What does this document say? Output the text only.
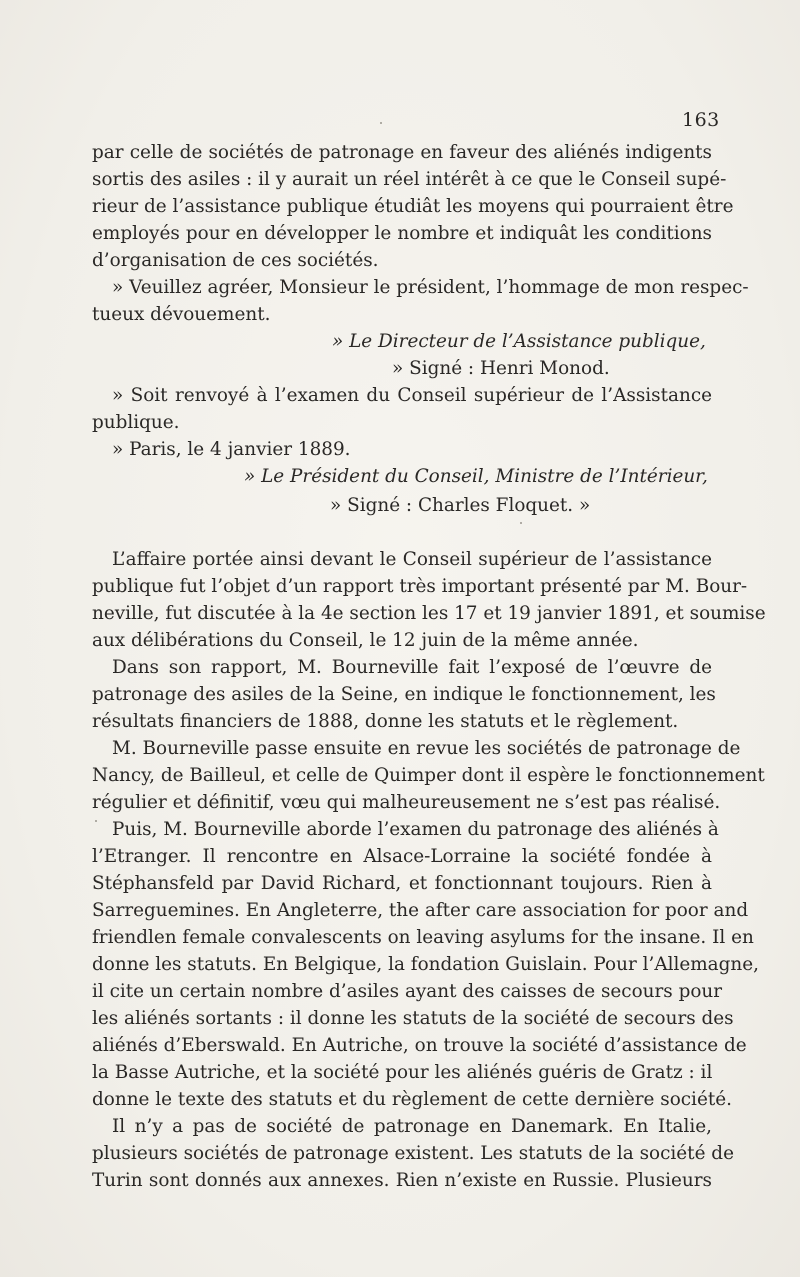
163
par celle de sociétés de patronage en faveur des aliénés indigents
sortis des asiles : il y aurait un réel intérêt à ce que le Conseil supé-
rieur de l’assistance publique étudiât les moyens qui pourraient être
employés pour en développer le nombre et indiquât les conditions
d’organisation de ces sociétés.
» Veuillez agréer, Monsieur le président, l’hommage de mon respec-
tueux dévouement.
» Le Directeur de l’Assistance publique,
» Signé : Henri Monod.
» Soit renvoyé à l’examen du Conseil supérieur de l’Assistance
publique.
» Paris, le 4 janvier 1889.
» Le Président du Conseil, Ministre de l’Intérieur,
» Signé : Charles Floquet. »
L’affaire portée ainsi devant le Conseil supérieur de l’assistance
publique fut l’objet d’un rapport très important présenté par M. Bour-
neville, fut discutée à la 4e section les 17 et 19 janvier 1891, et soumise
aux délibérations du Conseil, le 12 juin de la même année.
Dans son rapport, M. Bourneville fait l’exposé de l’œuvre de
patronage des asiles de la Seine, en indique le fonctionnement, les
résultats financiers de 1888, donne les statuts et le règlement.
M. Bourneville passe ensuite en revue les sociétés de patronage de
Nancy, de Bailleul, et celle de Quimper dont il espère le fonctionnement
régulier et définitif, vœu qui malheureusement ne s’est pas réalisé.
Puis, M. Bourneville aborde l’examen du patronage des aliénés à
l’Etranger. Il rencontre en Alsace-Lorraine la société fondée à
Stéphansfeld par David Richard, et fonctionnant toujours. Rien à
Sarreguemines. En Angleterre, the after care association for poor and
friendlen female convalescents on leaving asylums for the insane. Il en
donne les statuts. En Belgique, la fondation Guislain. Pour l’Allemagne,
il cite un certain nombre d’asiles ayant des caisses de secours pour
les aliénés sortants : il donne les statuts de la société de secours des
aliénés d’Eberswald. En Autriche, on trouve la société d’assistance de
la Basse Autriche, et la société pour les aliénés guéris de Gratz : il
donne le texte des statuts et du règlement de cette dernière société.
Il n’y a pas de société de patronage en Danemark. En Italie,
plusieurs sociétés de patronage existent. Les statuts de la société de
Turin sont donnés aux annexes. Rien n’existe en Russie. Plusieurs
